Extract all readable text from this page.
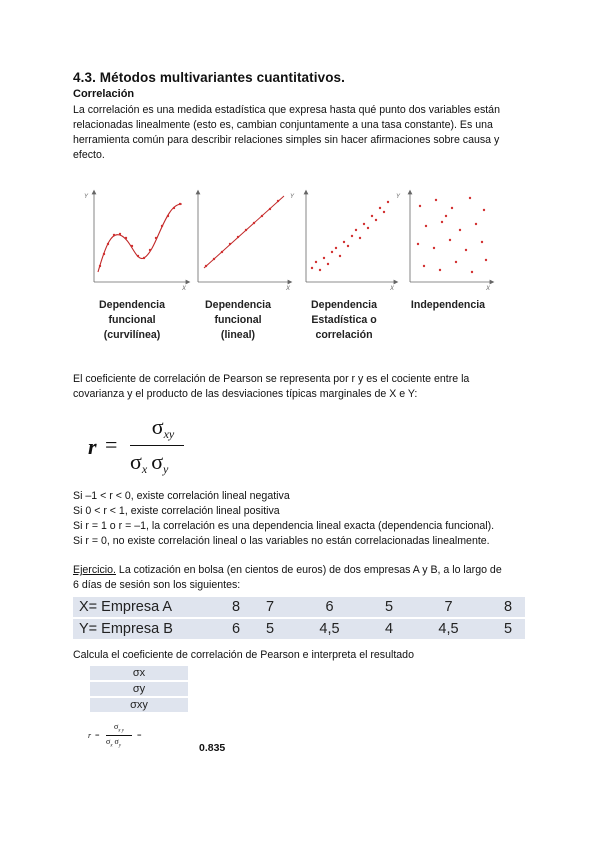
4.3. Métodos multivariantes cuantitativos.
Correlación
La correlación es una medida estadística que expresa hasta qué punto dos variables están
relacionadas linealmente (esto es, cambian conjuntamente a una tasa constante). Es una
herramienta común para describir relaciones simples sin hacer afirmaciones sobre causa y
efecto.
Y
X	X
Y
X
Y
X
Dependencia
funcional
(curvilínea)
Dependencia
funcional
(lineal)
Dependencia
Estadística o
correlación
Independencia
El coeficiente de correlación de Pearson se representa por r y es el cociente entre la
covarianza y el producto de las desviaciones típicas marginales de X e Y:
r =
$\sigma_{xy}$
$\sigma_x$ $\sigma_y$
Si –1 < r < 0, existe correlación lineal negativa
Si 0 < r < 1, existe correlación lineal positiva
Si r = 1 o r = –1, la correlación es una dependencia lineal exacta (dependencia funcional).
Si r = 0, no existe correlación lineal o las variables no están correlacionadas linealmente.
Ejercicio. La cotización en bolsa (en cientos de euros) de dos empresas A y B, a lo largo de
6 días de sesión son los siguientes:
X= Empresa A	8	7	6	5	7	8
Y= Empresa B	6	5	4,5	4	4,5	5
Calcula el coeficiente de correlación de Pearson e interpreta el resultado
σx
σy
σxy
r =
$\sigma_{x y}$
$\sigma_x$ $\sigma_y$
=
0.835
